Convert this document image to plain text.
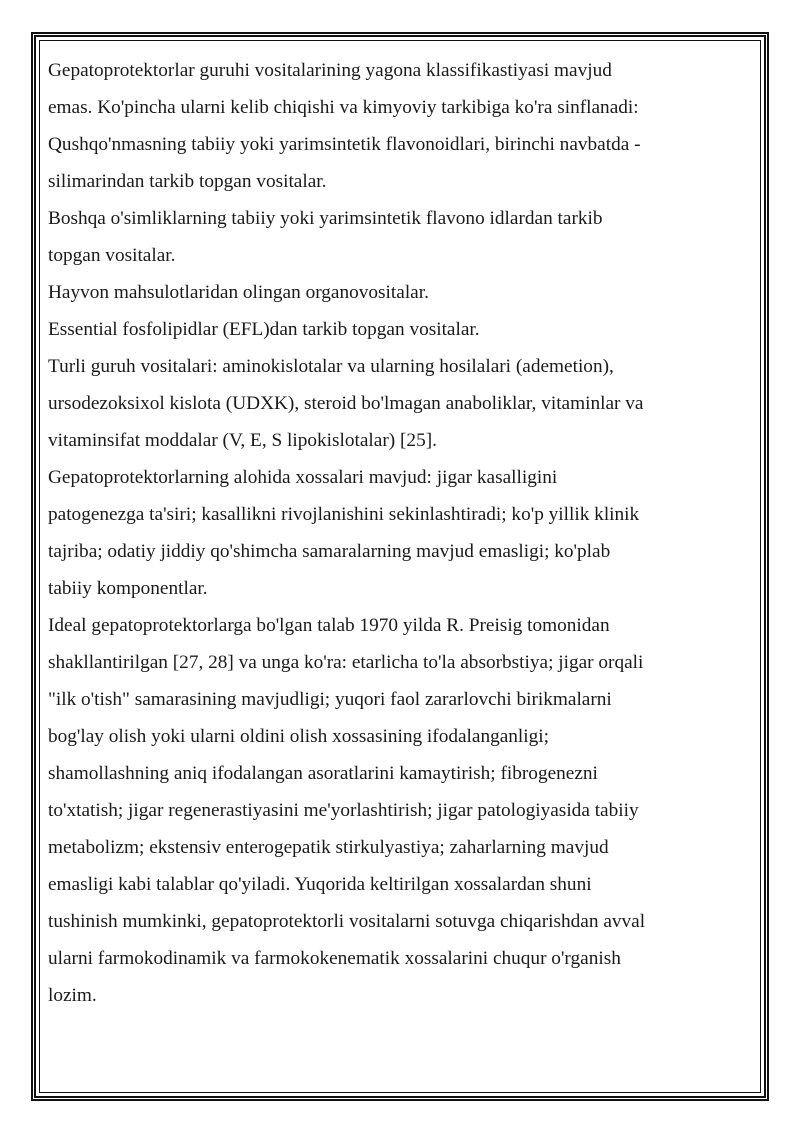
Gepatoprotektorlar guruhi vositalarining yagona klassifikastiyasi mavjud

emas. Ko'pincha ularni kelib chiqishi va kimyoviy tarkibiga ko'ra sinflanadi:

Qushqo'nmasning tabiiy yoki yarimsintetik flavonoidlari, birinchi navbatda -

silimarindan tarkib topgan vositalar.

Boshqa o'simliklarning tabiiy yoki yarimsintetik flavono idlardan tarkib

topgan vositalar.

Hayvon mahsulotlaridan olingan organovositalar.

Essential fosfolipidlar (EFL)dan tarkib topgan vositalar.

Turli guruh vositalari: aminokislotalar va ularning hosilalari (ademetion),

ursodezoksixol kislota (UDXK), steroid bo'lmagan anaboliklar, vitaminlar va

vitaminsifat moddalar (V, E, S lipokislotalar) [25].

Gepatoprotektorlarning alohida xossalari mavjud: jigar kasalligini

patogenezga ta'siri; kasallikni rivojlanishini sekinlashtiradi; ko'p yillik klinik

tajriba; odatiy jiddiy qo'shimcha samaralarning mavjud emasligi; ko'plab

tabiiy komponentlar.

Ideal gepatoprotektorlarga bo'lgan talab 1970 yilda R. Preisig tomonidan

shakllantirilgan [27, 28] va unga ko'ra: etarlicha to'la absorbstiya; jigar orqali

"ilk o'tish" samarasining mavjudligi; yuqori faol zararlovchi birikmalarni

bog'lay olish yoki ularni oldini olish xossasining ifodalanganligi;

shamollashning aniq ifodalangan asoratlarini kamaytirish; fibrogenezni

to'xtatish; jigar regenerastiyasini me'yorlashtirish; jigar patologiyasida tabiiy

metabolizm; ekstensiv enterogepatik stirkulyastiya; zaharlarning mavjud

emasligi kabi talablar qo'yiladi. Yuqorida keltirilgan xossalardan shuni

tushinish mumkinki, gepatoprotektorli vositalarni sotuvga chiqarishdan avval

ularni farmokodinamik va farmokokenematik xossalarini chuqur o'rganish

lozim.
